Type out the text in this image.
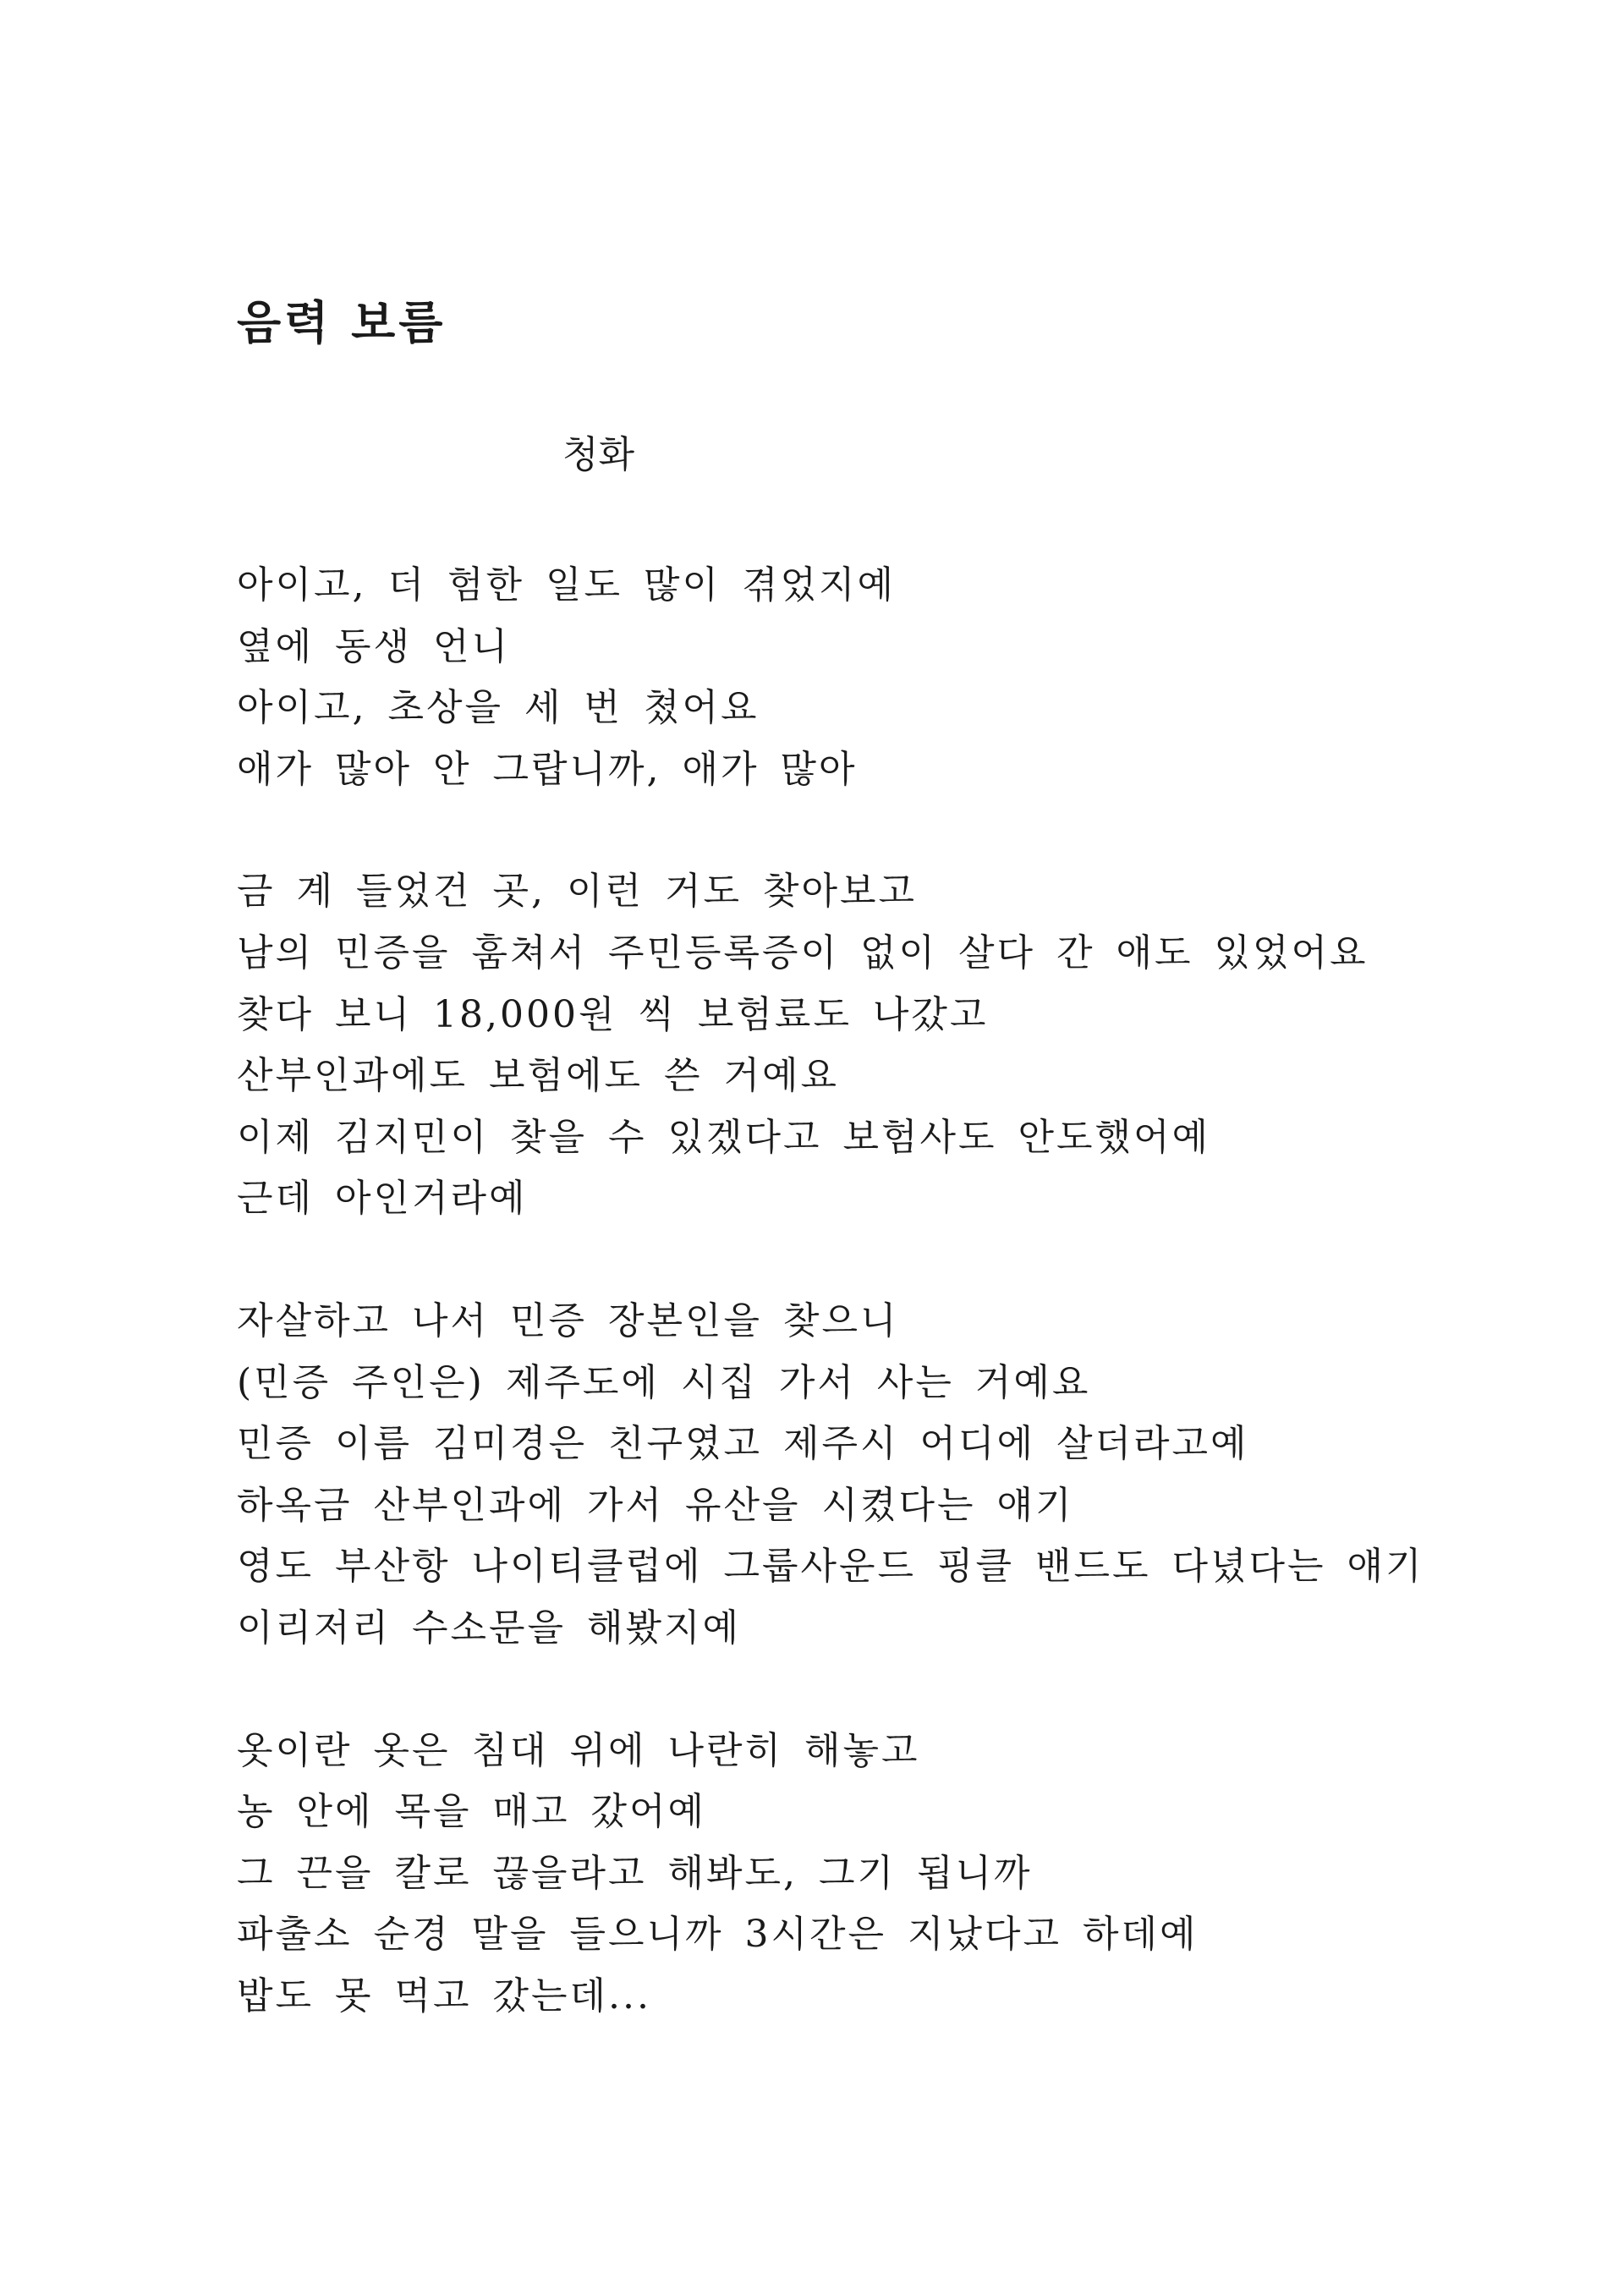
음력 보름

청화

아이고, 더 험한 일도 많이 겪었지예
옆에 동생 언니
아이고, 초상을 세 번 쳤어요
애가 많아 안 그랍니까, 애가 많아
금 계 들었건 곳, 이런 거도 찾아보고
남의 민증을 훔쳐서 주민등록증이 없이 살다 간 애도 있었어요
찾다 보니 18,000원 씩 보험료도 나갔고
산부인과에도 보험에도 쓴 거예요
이제 김지민이 찾을 수 있겠다고 보험사도 안도했어예
근데 아인거라예
자살하고 나서 민증 장본인을 찾으니
(민증 주인은) 제주도에 시집 가서 사는 거예요
민증 이름 김미경은 친구였고 제주시 어디에 살더라고예
하옥금 산부인과에 가서 유산을 시켰다는 얘기
영도 부산항 나이티클럽에 그룹사운드 핑클 밴드도 다녔다는 얘기
이리저리 수소문을 해봤지예
옷이란 옷은 침대 위에 나란히 해놓고
농 안에 목을 매고 갔어예
그 끈을 칼로 끊을라고 해봐도, 그기 됩니까
파출소 순경 말을 들으니까 3시간은 지났다고 하데예
밥도 못 먹고 갔는데...
